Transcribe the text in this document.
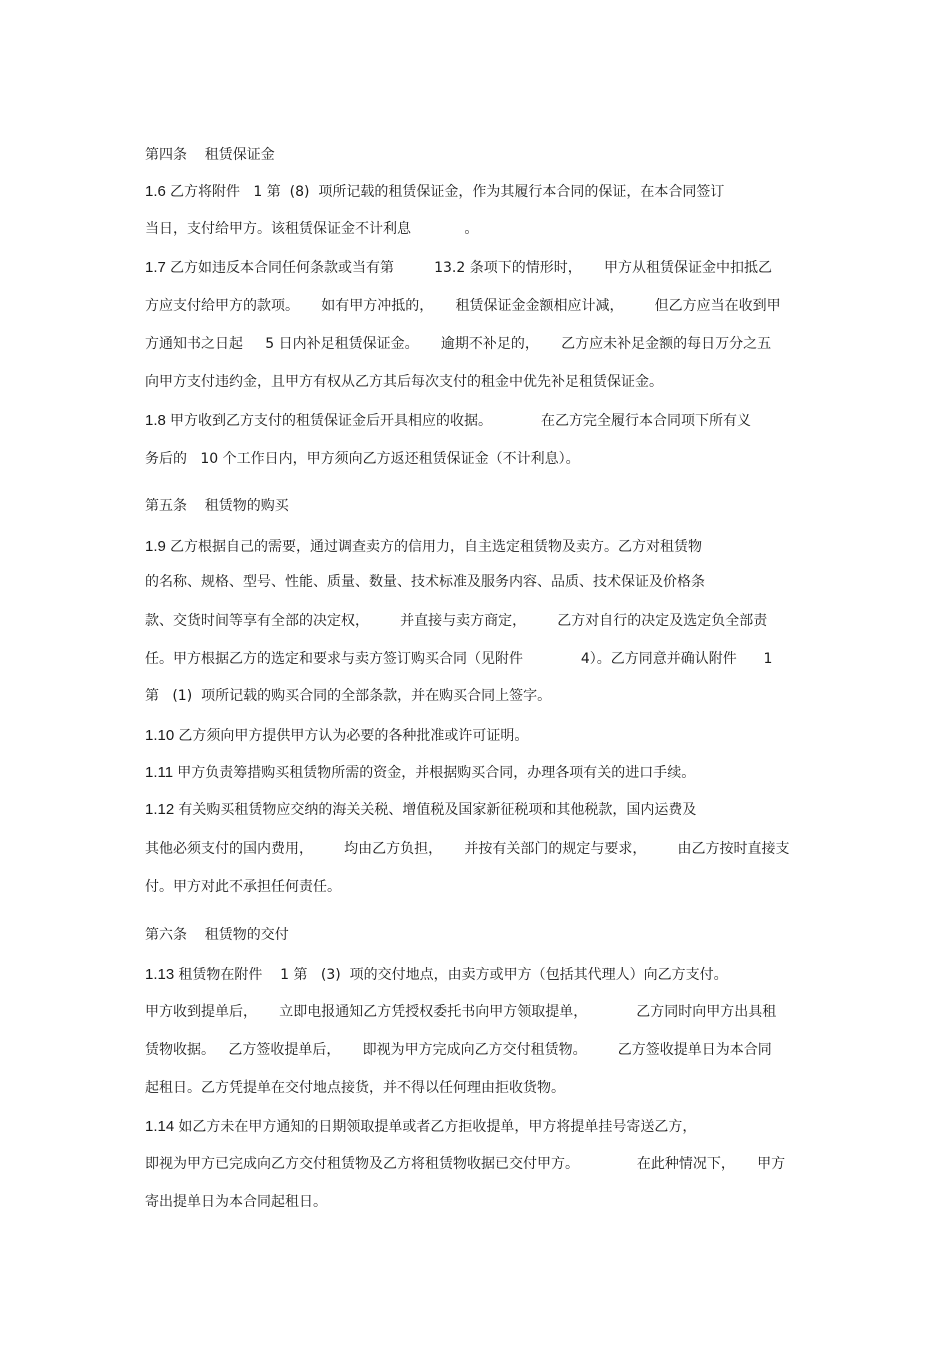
第四条    租赁保证金
1.6 乙方将附件   1 第  (8)  项所记载的租赁保证金，作为其履行本合同的保证，在本合同签订
当日，支付给甲方。该租赁保证金不计利息            。
1.7 乙方如违反本合同任何条款或当有第         13.2 条项下的情形时，     甲方从租赁保证金中扣抵乙
方应支付给甲方的款项。     如有甲方冲抵的，     租赁保证金金额相应计减，       但乙方应当在收到甲
方通知书之日起     5 日内补足租赁保证金。     逾期不补足的，     乙方应未补足金额的每日万分之五
向甲方支付违约金，且甲方有权从乙方其后每次支付的租金中优先补足租赁保证金。
1.8 甲方收到乙方支付的租赁保证金后开具相应的收据。           在乙方完全履行本合同项下所有义
务后的   10 个工作日内，甲方须向乙方返还租赁保证金（不计利息）。
第五条    租赁物的购买
1.9 乙方根据自己的需要，通过调查卖方的信用力，自主选定租赁物及卖方。乙方对租赁物
的名称、规格、型号、性能、质量、数量、技术标准及服务内容、品质、技术保证及价格条
款、交货时间等享有全部的决定权，       并直接与卖方商定，       乙方对自行的决定及选定负全部责
任。甲方根据乙方的选定和要求与卖方签订购买合同（见附件             4）。乙方同意并确认附件      1
第   (1)  项所记载的购买合同的全部条款，并在购买合同上签字。
1.10 乙方须向甲方提供甲方认为必要的各种批准或许可证明。
1.11 甲方负责筹措购买租赁物所需的资金，并根据购买合同，办理各项有关的进口手续。
1.12 有关购买租赁物应交纳的海关关税、增值税及国家新征税项和其他税款，国内运费及
其他必须支付的国内费用，       均由乙方负担，     并按有关部门的规定与要求，       由乙方按时直接支
付。甲方对此不承担任何责任。
第六条    租赁物的交付
1.13 租赁物在附件    1 第   (3)  项的交付地点，由卖方或甲方（包括其代理人）向乙方支付。
甲方收到提单后，     立即电报通知乙方凭授权委托书向甲方领取提单，           乙方同时向甲方出具租
赁物收据。   乙方签收提单后，     即视为甲方完成向乙方交付租赁物。       乙方签收提单日为本合同
起租日。乙方凭提单在交付地点接货，并不得以任何理由拒收货物。
1.14 如乙方未在甲方通知的日期领取提单或者乙方拒收提单，甲方将提单挂号寄送乙方，
即视为甲方已完成向乙方交付租赁物及乙方将租赁物收据已交付甲方。             在此种情况下，     甲方
寄出提单日为本合同起租日。
